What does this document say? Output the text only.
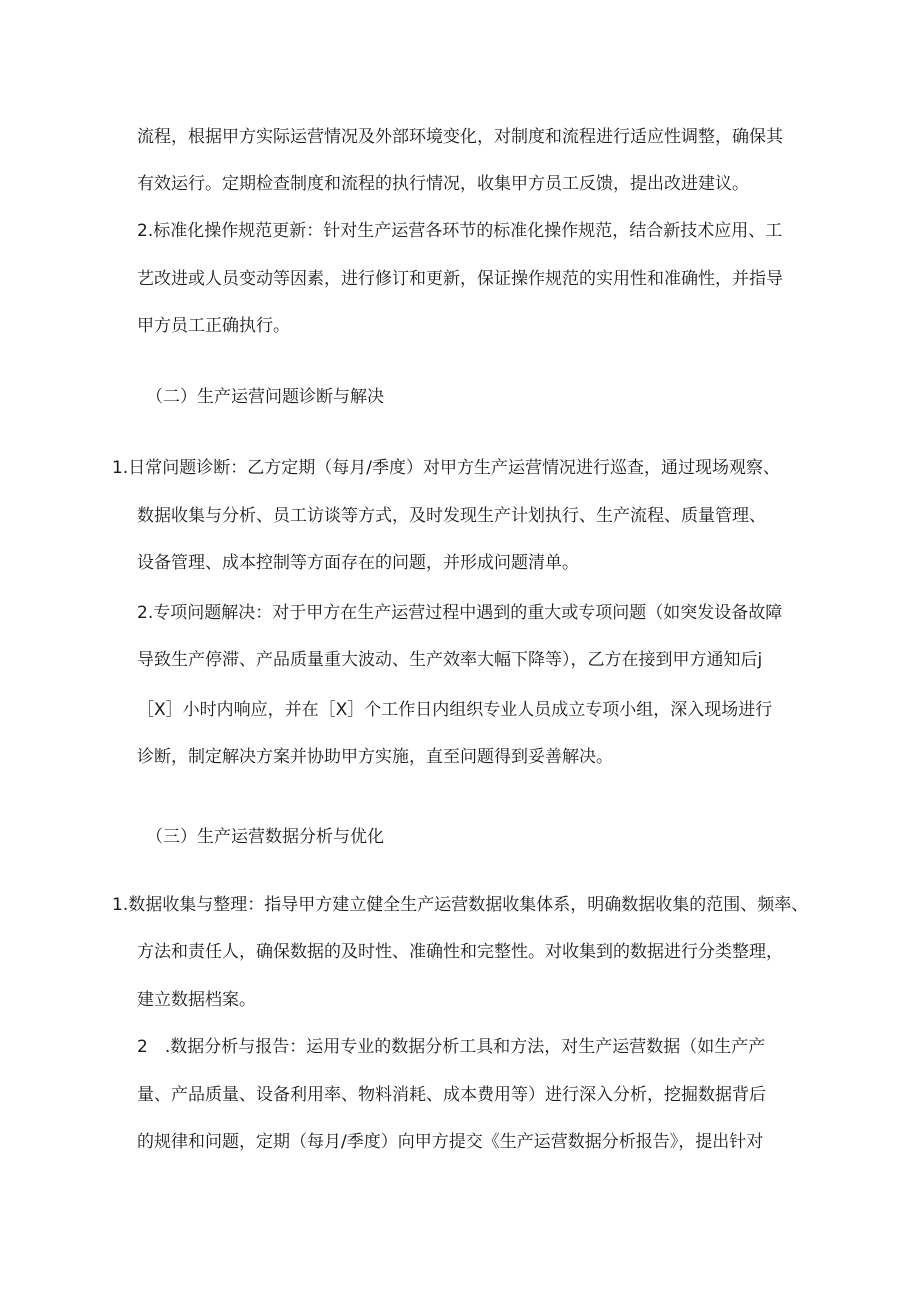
流程，根据甲方实际运营情况及外部环境变化，对制度和流程进行适应性调整，确保其
有效运行。定期检查制度和流程的执行情况，收集甲方员工反馈，提出改进建议。
2.标准化操作规范更新：针对生产运营各环节的标准化操作规范，结合新技术应用、工
艺改进或人员变动等因素，进行修订和更新，保证操作规范的实用性和准确性，并指导
甲方员工正确执行。
（二）生产运营问题诊断与解决
1.日常问题诊断：乙方定期（每月/季度）对甲方生产运营情况进行巡查，通过现场观察、
数据收集与分析、员工访谈等方式，及时发现生产计划执行、生产流程、质量管理、
设备管理、成本控制等方面存在的问题，并形成问题清单。
2.专项问题解决：对于甲方在生产运营过程中遇到的重大或专项问题（如突发设备故障
导致生产停滞、产品质量重大波动、生产效率大幅下降等），乙方在接到甲方通知后j
［X］小时内响应，并在［X］个工作日内组织专业人员成立专项小组，深入现场进行
诊断，制定解决方案并协助甲方实施，直至问题得到妥善解决。
（三）生产运营数据分析与优化
1.数据收集与整理：指导甲方建立健全生产运营数据收集体系，明确数据收集的范围、频率、
方法和责任人，确保数据的及时性、准确性和完整性。对收集到的数据进行分类整理，
建立数据档案。
2　.数据分析与报告：运用专业的数据分析工具和方法，对生产运营数据（如生产产
量、产品质量、设备利用率、物料消耗、成本费用等）进行深入分析，挖掘数据背后
的规律和问题，定期（每月/季度）向甲方提交《生产运营数据分析报告》，提出针对
